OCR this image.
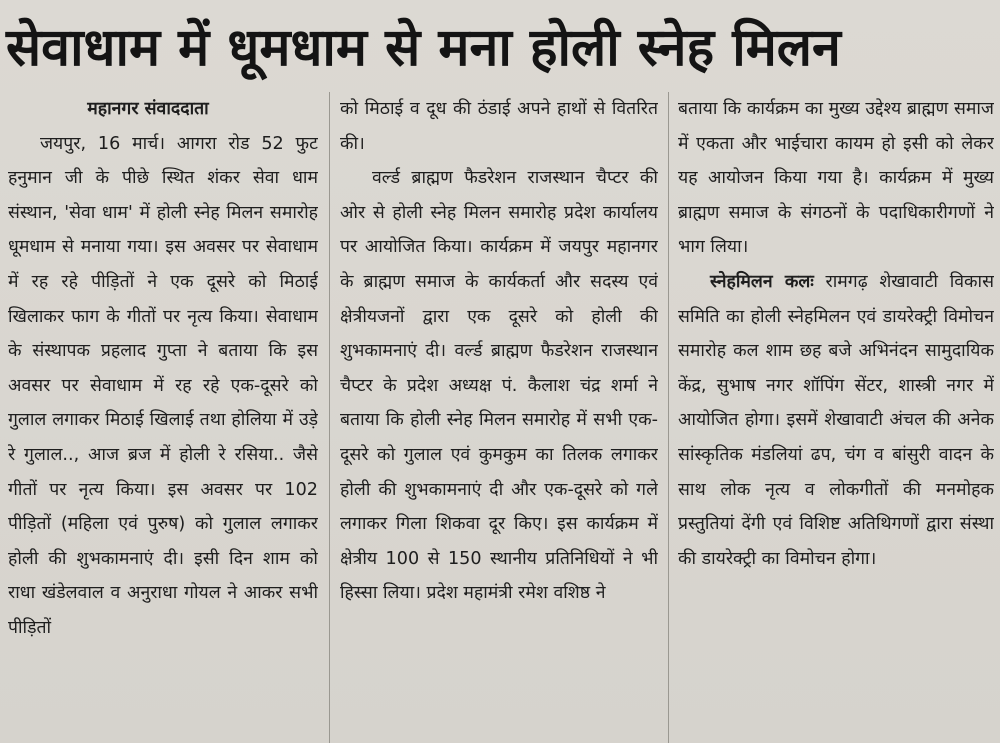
सेवाधाम में धूमधाम से मना होली स्नेह मिलन

महानगर संवाददाता

जयपुर, 16 मार्च। आगरा रोड 52 फुट हनुमान जी के पीछे स्थित शंकर सेवा धाम संस्थान, 'सेवा धाम' में होली स्नेह मिलन समारोह धूमधाम से मनाया गया। इस अवसर पर सेवाधाम में रह रहे पीड़ितों ने एक दूसरे को मिठाई खिलाकर फाग के गीतों पर नृत्य किया। सेवाधाम के संस्थापक प्रहलाद गुप्ता ने बताया कि इस अवसर पर सेवाधाम में रह रहे एक-दूसरे को गुलाल लगाकर मिठाई खिलाई तथा होलिया में उड़े रे गुलाल.., आज ब्रज में होली रे रसिया.. जैसे गीतों पर नृत्य किया। इस अवसर पर 102 पीड़ितों (महिला एवं पुरुष) को गुलाल लगाकर होली की शुभकामनाएं दी। इसी दिन शाम को राधा खंडेलवाल व अनुराधा गोयल ने आकर सभी पीड़ितों

को मिठाई व दूध की ठंडाई अपने हाथों से वितरित की।

वर्ल्ड ब्राह्मण फैडरेशन राजस्थान चैप्टर की ओर से होली स्नेह मिलन समारोह प्रदेश कार्यालय पर आयोजित किया। कार्यक्रम में जयपुर महानगर के ब्राह्मण समाज के कार्यकर्ता और सदस्य एवं क्षेत्रीयजनों द्वारा एक दूसरे को होली की शुभकामनाएं दी। वर्ल्ड ब्राह्मण फैडरेशन राजस्थान चैप्टर के प्रदेश अध्यक्ष पं. कैलाश चंद्र शर्मा ने बताया कि होली स्नेह मिलन समारोह में सभी एक-दूसरे को गुलाल एवं कुमकुम का तिलक लगाकर होली की शुभकामनाएं दी और एक-दूसरे को गले लगाकर गिला शिकवा दूर किए। इस कार्यक्रम में क्षेत्रीय 100 से 150 स्थानीय प्रतिनिधियों ने भी हिस्सा लिया। प्रदेश महामंत्री रमेश वशिष्ठ ने

बताया कि कार्यक्रम का मुख्य उद्देश्य ब्राह्मण समाज में एकता और भाईचारा कायम हो इसी को लेकर यह आयोजन किया गया है। कार्यक्रम में मुख्य ब्राह्मण समाज के संगठनों के पदाधिकारीगणों ने भाग लिया।

स्नेहमिलन कलः रामगढ़ शेखावाटी विकास समिति का होली स्नेहमिलन एवं डायरेक्ट्री विमोचन समारोह कल शाम छह बजे अभिनंदन सामुदायिक केंद्र, सुभाष नगर शॉपिंग सेंटर, शास्त्री नगर में आयोजित होगा। इसमें शेखावाटी अंचल की अनेक सांस्कृतिक मंडलियां ढप, चंग व बांसुरी वादन के साथ लोक नृत्य व लोकगीतों की मनमोहक प्रस्तुतियां देंगी एवं विशिष्ट अतिथिगणों द्वारा संस्था की डायरेक्ट्री का विमोचन होगा।
